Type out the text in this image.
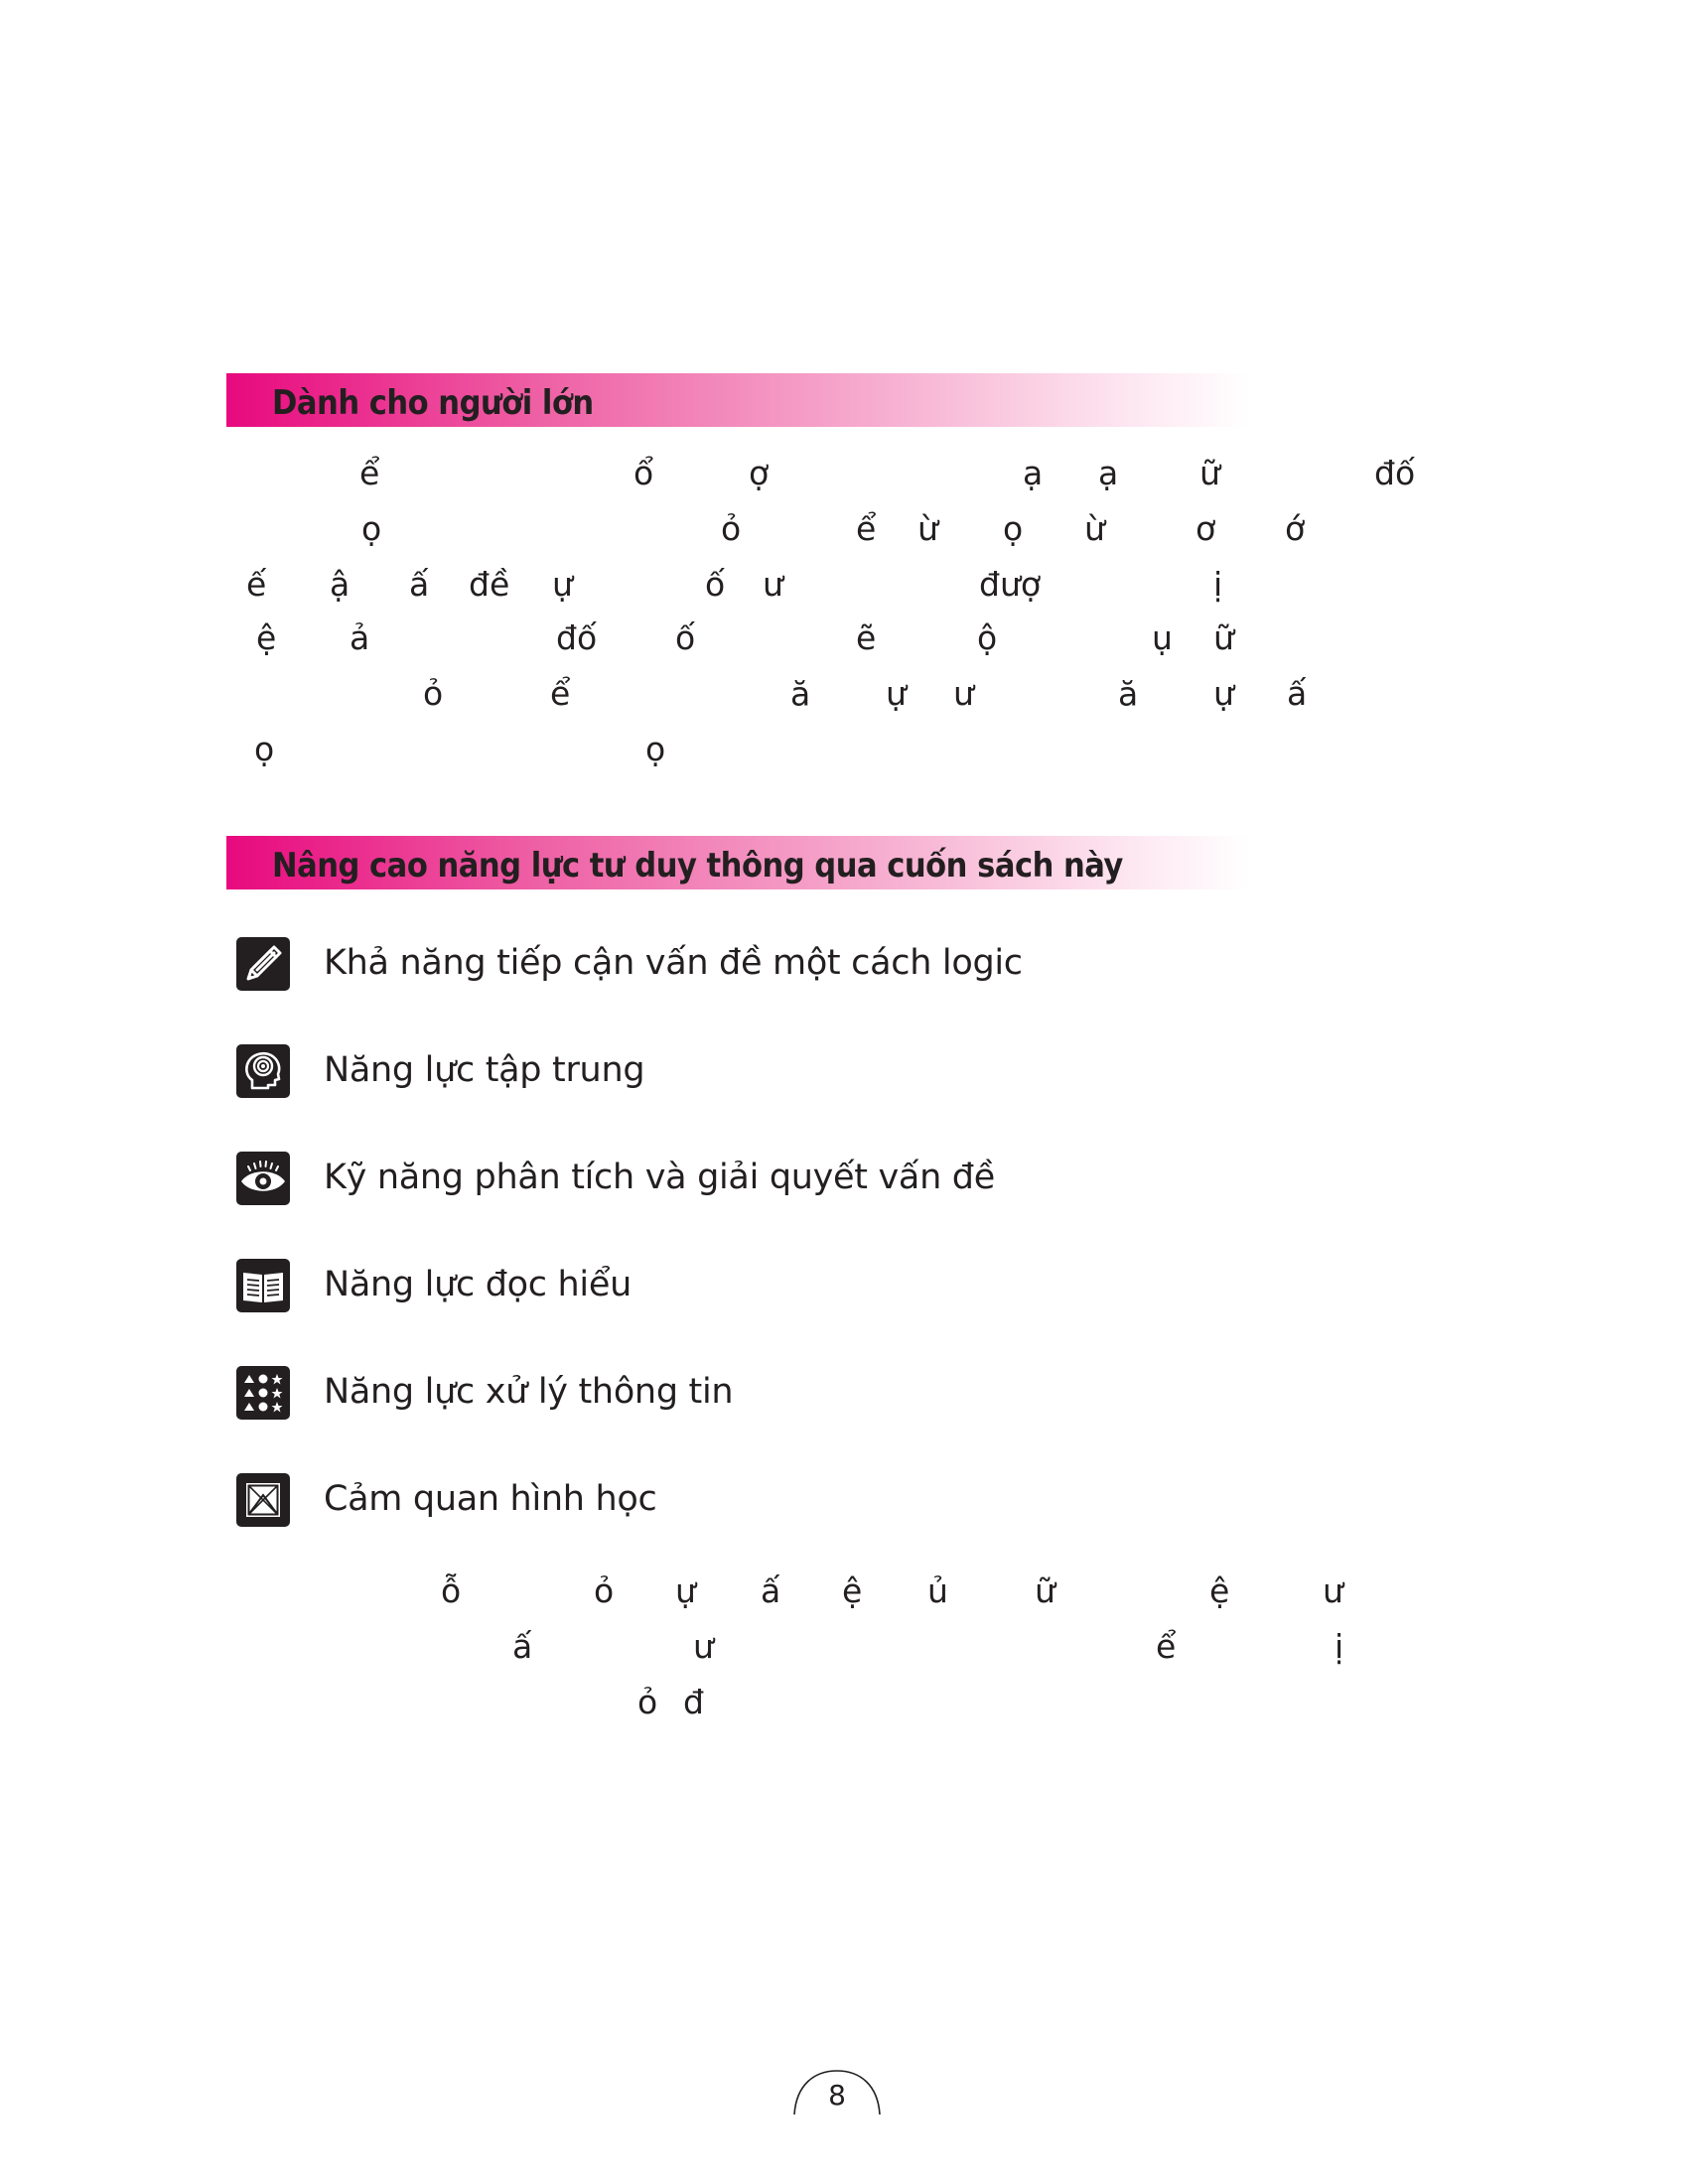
Dành cho người lớn
ể	ổ	ợ	ạ ạ ữ	đố
ọ	ỏ	ể ừ ọ ừ	ơ ớ
ế ậ ấ đề ự	ố ư	đượ	ị
ệ ả	đố ố	ẽ	ộ	ụ ữ
ỏ	ể	ă ự ư	ă ự ấ
ọ	ọ
Nâng cao năng lực tư duy thông qua cuốn sách này
Khả năng tiếp cận vấn đề một cách logic
Năng lực tập trung
Kỹ năng phân tích và giải quyết vấn đề
Năng lực đọc hiểu
Năng lực xử lý thông tin
Cảm quan hình học
ỗ	ỏ ự ấ ệ ủ	ữ	ệ	ư
ấ	ư	ể	ị
ỏ đ
8
